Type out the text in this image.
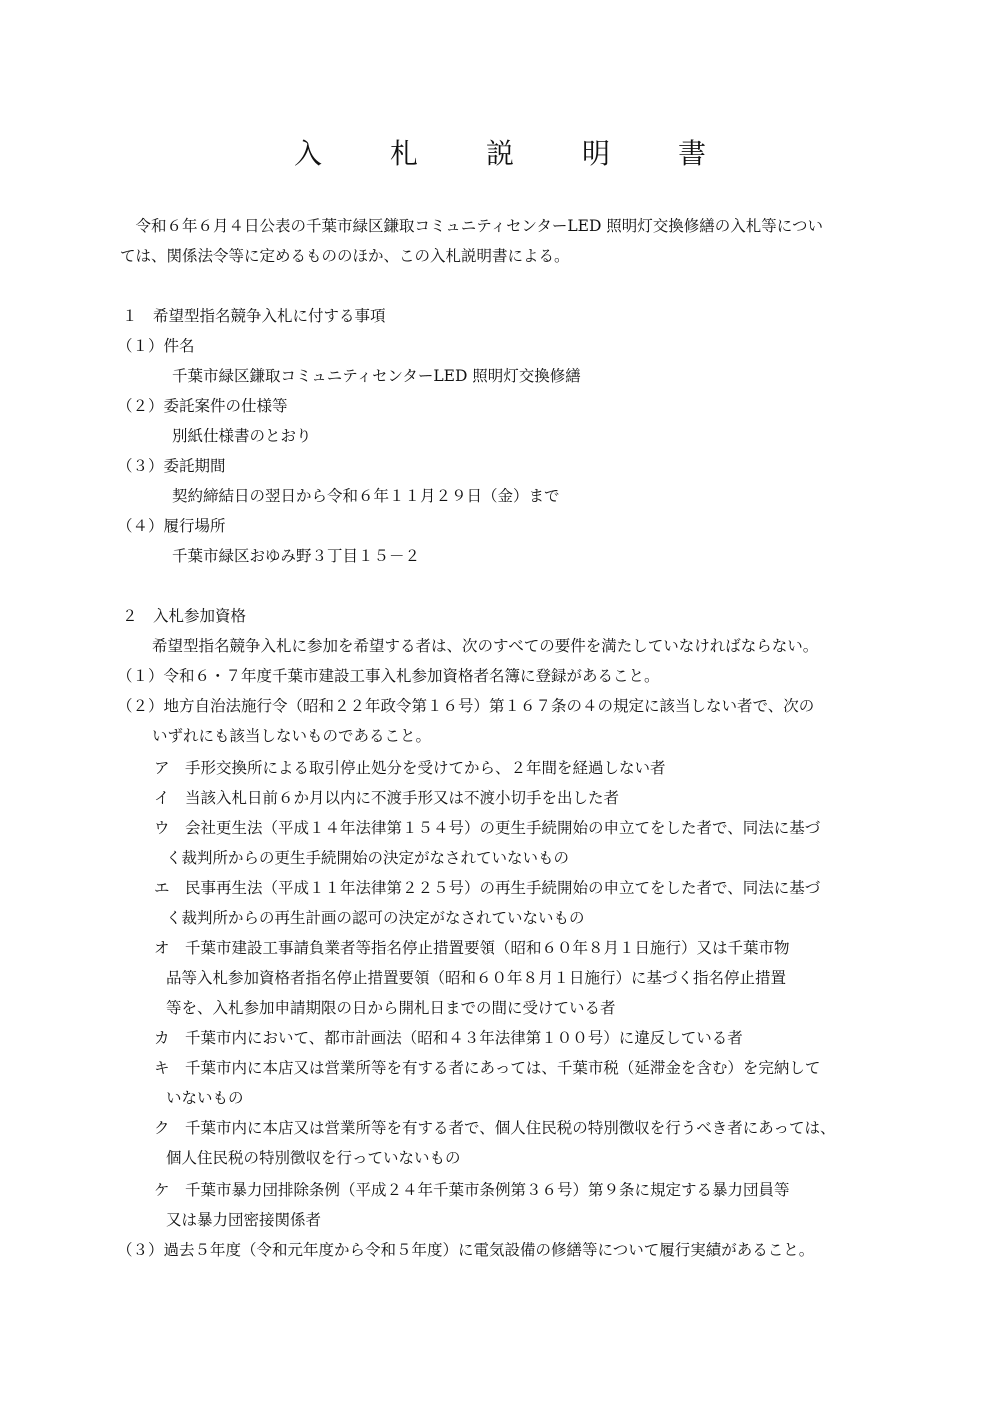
入 札 説 明 書
　令和６年６月４日公表の千葉市緑区鎌取コミュニティセンターLED 照明灯交換修繕の入札等につい
ては、関係法令等に定めるもののほか、この入札説明書による。
１　希望型指名競争入札に付する事項
（１）件名
千葉市緑区鎌取コミュニティセンターLED 照明灯交換修繕
（２）委託案件の仕様等
別紙仕様書のとおり
（３）委託期間
契約締結日の翌日から令和６年１１月２９日（金）まで
（４）履行場所
千葉市緑区おゆみ野３丁目１５－２
２　入札参加資格
希望型指名競争入札に参加を希望する者は、次のすべての要件を満たしていなければならない。
（１）令和６・７年度千葉市建設工事入札参加資格者名簿に登録があること。
（２）地方自治法施行令（昭和２２年政令第１６号）第１６７条の４の規定に該当しない者で、次の
いずれにも該当しないものであること。
ア　手形交換所による取引停止処分を受けてから、２年間を経過しない者
イ　当該入札日前６か月以内に不渡手形又は不渡小切手を出した者
ウ　会社更生法（平成１４年法律第１５４号）の更生手続開始の申立てをした者で、同法に基づ
く裁判所からの更生手続開始の決定がなされていないもの
エ　民事再生法（平成１１年法律第２２５号）の再生手続開始の申立てをした者で、同法に基づ
く裁判所からの再生計画の認可の決定がなされていないもの
オ　千葉市建設工事請負業者等指名停止措置要領（昭和６０年８月１日施行）又は千葉市物
品等入札参加資格者指名停止措置要領（昭和６０年８月１日施行）に基づく指名停止措置
等を、入札参加申請期限の日から開札日までの間に受けている者
カ　千葉市内において、都市計画法（昭和４３年法律第１００号）に違反している者
キ　千葉市内に本店又は営業所等を有する者にあっては、千葉市税（延滞金を含む）を完納して
いないもの
ク　千葉市内に本店又は営業所等を有する者で、個人住民税の特別徴収を行うべき者にあっては、
個人住民税の特別徴収を行っていないもの
ケ　千葉市暴力団排除条例（平成２４年千葉市条例第３６号）第９条に規定する暴力団員等
又は暴力団密接関係者
（３）過去５年度（令和元年度から令和５年度）に電気設備の修繕等について履行実績があること。
